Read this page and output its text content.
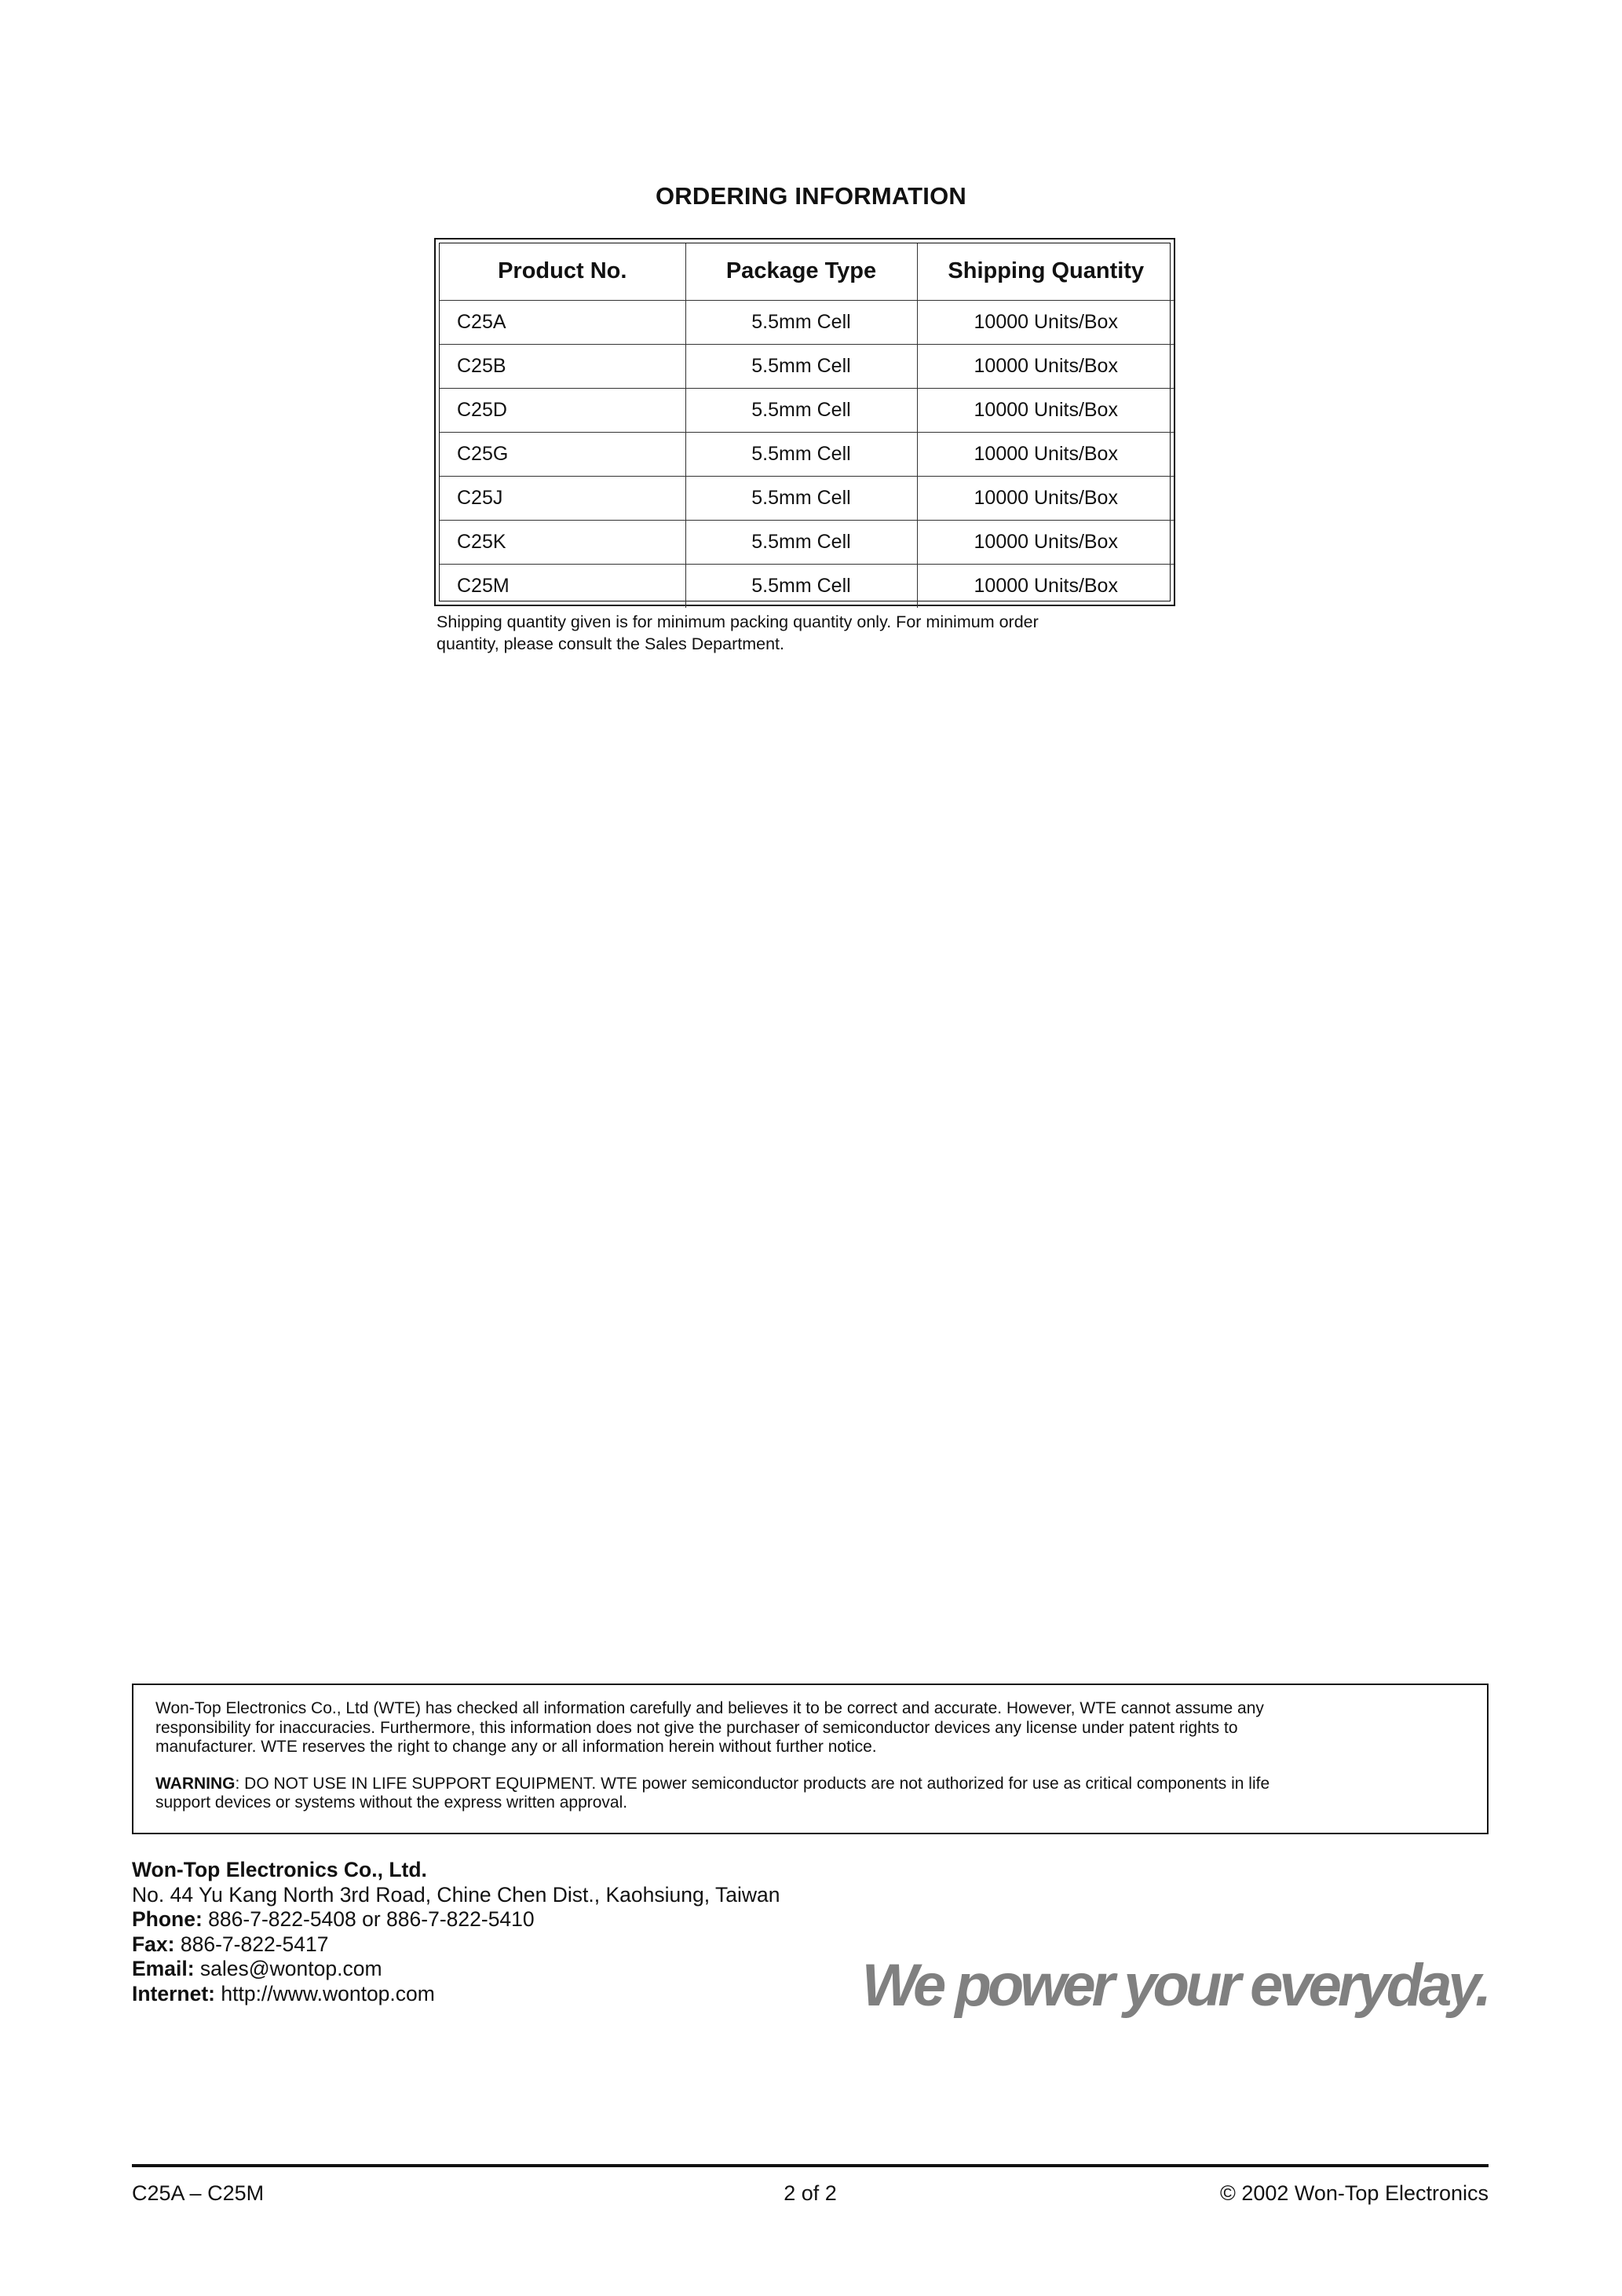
ORDERING INFORMATION
Product No.	Package Type	Shipping Quantity
C25A	5.5mm Cell	10000 Units/Box
C25B	5.5mm Cell	10000 Units/Box
C25D	5.5mm Cell	10000 Units/Box
C25G	5.5mm Cell	10000 Units/Box
C25J	5.5mm Cell	10000 Units/Box
C25K	5.5mm Cell	10000 Units/Box
C25M	5.5mm Cell	10000 Units/Box
Shipping quantity given is for minimum packing quantity only. For minimum order
quantity, please consult the Sales Department.

Won-Top Electronics Co., Ltd (WTE) has checked all information carefully and believes it to be correct and accurate. However, WTE cannot assume any
responsibility for inaccuracies. Furthermore, this information does not give the purchaser of semiconductor devices any license under patent rights to
manufacturer. WTE reserves the right to change any or all information herein without further notice.

WARNING: DO NOT USE IN LIFE SUPPORT EQUIPMENT. WTE power semiconductor products are not authorized for use as critical components in life
support devices or systems without the express written approval.

Won-Top Electronics Co., Ltd.
No. 44 Yu Kang North 3rd Road, Chine Chen Dist., Kaohsiung, Taiwan
Phone: 886-7-822-5408 or 886-7-822-5410
Fax: 886-7-822-5417
Email: sales@wontop.com
Internet: http://www.wontop.com	We power your everyday.
C25A – C25M	2 of 2	© 2002 Won-Top Electronics
